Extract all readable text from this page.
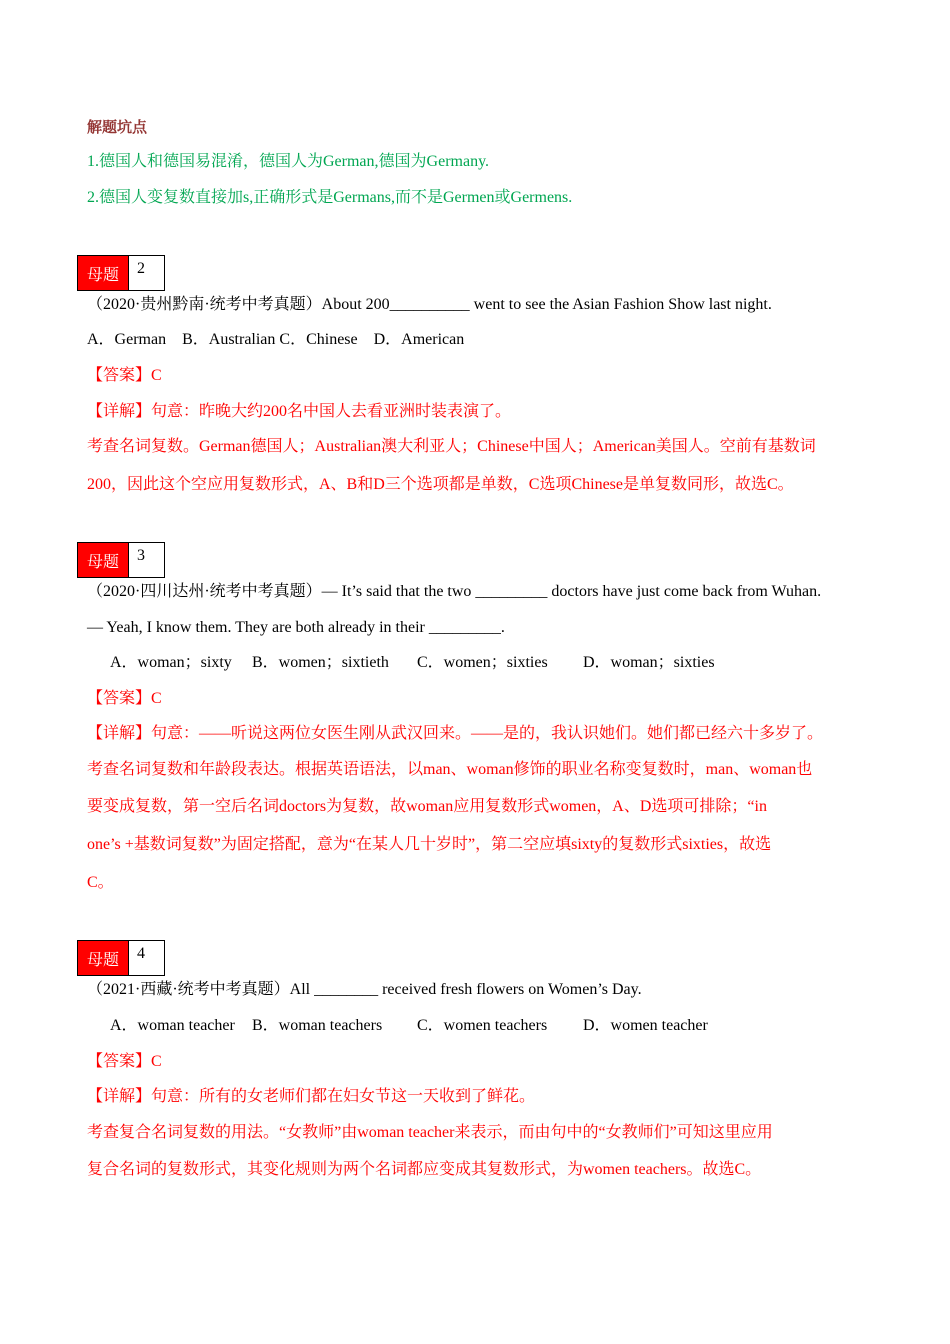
解题坑点
1.德国人和德国易混淆，德国人为German,德国为Germany.
2.德国人变复数直接加s,正确形式是Germans,而不是Germen或Germens.
母题	2
（2020·贵州黔南·统考中考真题）About 200__________ went to see the Asian Fashion Show last night.
A．German    B．Australian C．Chinese    D．American
【答案】C
【详解】句意：昨晚大约200名中国人去看亚洲时装表演了。
考查名词复数。German德国人；Australian澳大利亚人；Chinese中国人；American美国人。空前有基数词
200，因此这个空应用复数形式，A、B和D三个选项都是单数，C选项Chinese是单复数同形，故选C。
母题	3
（2020·四川达州·统考中考真题）— It’s said that the two _________ doctors have just come back from Wuhan.
— Yeah, I know them. They are both already in their _________.
A．woman；sixty B．women；sixtieth C．women；sixties D．woman；sixties
【答案】C
【详解】句意：——听说这两位女医生刚从武汉回来。——是的，我认识她们。她们都已经六十多岁了。
考查名词复数和年龄段表达。根据英语语法，以man、woman修饰的职业名称变复数时，man、woman也
要变成复数，第一空后名词doctors为复数，故woman应用复数形式women，A、D选项可排除；“in
one’s +基数词复数”为固定搭配，意为“在某人几十岁时”，第二空应填sixty的复数形式sixties，故选
C。
母题	4
（2021·西藏·统考中考真题）All ________ received fresh flowers on Women’s Day.
A．woman teacher B．woman teachers C．women teachers D．women teacher
【答案】C
【详解】句意：所有的女老师们都在妇女节这一天收到了鲜花。
考查复合名词复数的用法。“女教师”由woman teacher来表示，而由句中的“女教师们”可知这里应用
复合名词的复数形式，其变化规则为两个名词都应变成其复数形式，为women teachers。故选C。
